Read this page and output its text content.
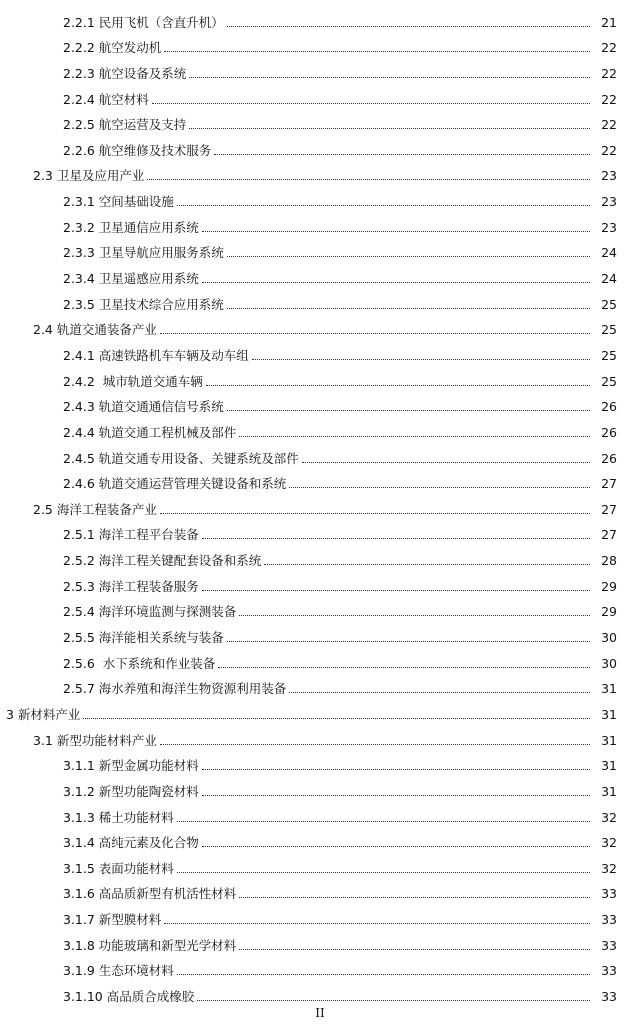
2.2.1 民用飞机（含直升机）	21
2.2.2 航空发动机	22
2.2.3 航空设备及系统	22
2.2.4 航空材料	22
2.2.5 航空运营及支持	22
2.2.6 航空维修及技术服务	22
2.3 卫星及应用产业	23
2.3.1 空间基础设施	23
2.3.2 卫星通信应用系统	23
2.3.3 卫星导航应用服务系统	24
2.3.4 卫星遥感应用系统	24
2.3.5 卫星技术综合应用系统	25
2.4 轨道交通装备产业	25
2.4.1 高速铁路机车车辆及动车组	25
2.4.2  城市轨道交通车辆	25
2.4.3 轨道交通通信信号系统	26
2.4.4 轨道交通工程机械及部件	26
2.4.5 轨道交通专用设备、关键系统及部件	26
2.4.6 轨道交通运营管理关键设备和系统	27
2.5 海洋工程装备产业	27
2.5.1 海洋工程平台装备	27
2.5.2 海洋工程关键配套设备和系统	28
2.5.3 海洋工程装备服务	29
2.5.4 海洋环境监测与探测装备	29
2.5.5 海洋能相关系统与装备	30
2.5.6  水下系统和作业装备	30
2.5.7 海水养殖和海洋生物资源利用装备	31
3 新材料产业	31
3.1 新型功能材料产业	31
3.1.1 新型金属功能材料	31
3.1.2 新型功能陶瓷材料	31
3.1.3 稀土功能材料	32
3.1.4 高纯元素及化合物	32
3.1.5 表面功能材料	32
3.1.6 高品质新型有机活性材料	33
3.1.7 新型膜材料	33
3.1.8 功能玻璃和新型光学材料	33
3.1.9 生态环境材料	33
3.1.10 高品质合成橡胶	33
II
